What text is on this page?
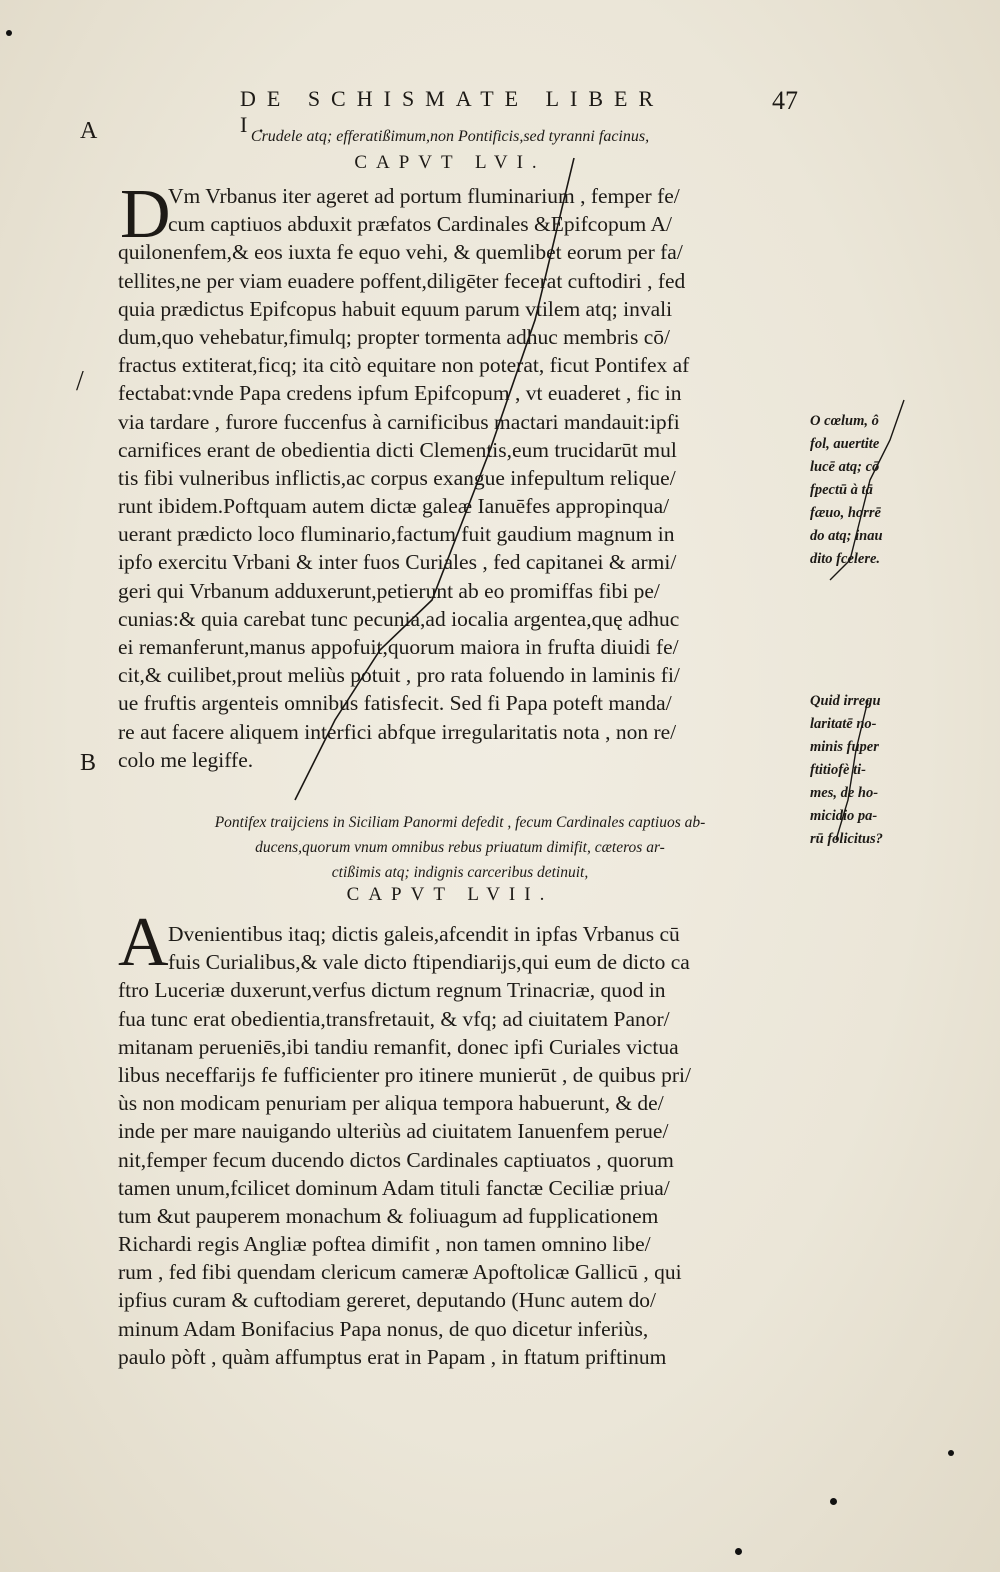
A
B
/
DE SCHISMATE LIBER I.
47
Crudele atq; efferatißimum,non Pontificis,sed tyranni facinus,
CAPVT LVI.
D
Vm Vrbanus iter ageret ad portum fluminarium , femper fe/
cum captiuos abduxit præfatos Cardinales &Epifcopum A/
quilonenfem,& eos iuxta fe equo vehi, & quemlibet eorum per fa/
tellites,ne per viam euadere poffent,diligēter fecerat cuftodiri , fed
quia prædictus Epifcopus habuit equum parum vtilem atq; invali
dum,quo vehebatur,fimulq; propter tormenta adhuc membris cō/
fractus extiterat,ficq; ita citò equitare non poterat, ficut Pontifex af
fectabat:vnde Papa credens ipfum Epifcopum , vt euaderet , fic in
via tardare , furore fuccenfus à carnificibus mactari mandauit:ipfi
carnifices erant de obedientia dicti Clementis,eum trucidarūt mul
tis fibi vulneribus inflictis,ac corpus exangue infepultum relique/
runt ibidem.Poftquam autem dictæ galeæ Ianuēfes appropinqua/
uerant prædicto loco fluminario,factum fuit gaudium magnum in
ipfo exercitu Vrbani & inter fuos Curiales , fed capitanei & armi/
geri qui Vrbanum adduxerunt,petierunt ab eo promiffas fibi pe/
cunias:& quia carebat tunc pecunia,ad iocalia argentea,quę adhuc
ei remanferunt,manus appofuit,quorum maiora in frufta diuidi fe/
cit,& cuilibet,prout meliùs potuit , pro rata foluendo in laminis fi/
ue fruftis argenteis omnibus fatisfecit. Sed fi Papa poteft manda/
re aut facere aliquem interfici abfque irregularitatis nota , non re/
colo me legiffe.
Pontifex traijciens in Siciliam Panormi defedit , fecum Cardinales captiuos ab-
ducens,quorum vnum omnibus rebus priuatum dimifit, cæteros ar-
ctißimis atq; indignis carceribus detinuit,
CAPVT LVII.
A Dvenientibus itaq; dictis galeis,afcendit in ipfas Vrbanus cū
fuis Curialibus,& vale dicto ftipendiarijs,qui eum de dicto ca
ftro Luceriæ duxerunt,verfus dictum regnum Trinacriæ, quod in
fua tunc erat obedientia,transfretauit, & vfq; ad ciuitatem Panor/
mitanam perueniēs,ibi tandiu remanfit, donec ipfi Curiales victua
libus neceffarijs fe fufficienter pro itinere munierūt , de quibus pri/
ùs non modicam penuriam per aliqua tempora habuerunt, & de/
inde per mare nauigando ulteriùs ad ciuitatem Ianuenfem perue/
nit,femper fecum ducendo dictos Cardinales captiuatos , quorum
tamen unum,fcilicet dominum Adam tituli fanctæ Ceciliæ priua/
tum &ut pauperem monachum & foliuagum ad fupplicationem
Richardi regis Angliæ poftea dimifit , non tamen omnino libe/
rum , fed fibi quendam clericum cameræ Apoftolicæ Gallicū , qui
ipfius curam & cuftodiam gereret, deputando (Hunc autem do/
minum Adam Bonifacius Papa nonus, de quo dicetur inferiùs,
paulo pòft , quàm affumptus erat in Papam , in ftatum priftinum
O cœlum, ô
fol, auertite
lucē atq; cō
fpectū à tā
fæuo, horrē
do atq; inau
dito fcelere.
Quid irregu
laritatē no-
minis fuper
ftitiofè ti-
mes, de ho-
micidio pa-
rū folicitus?
